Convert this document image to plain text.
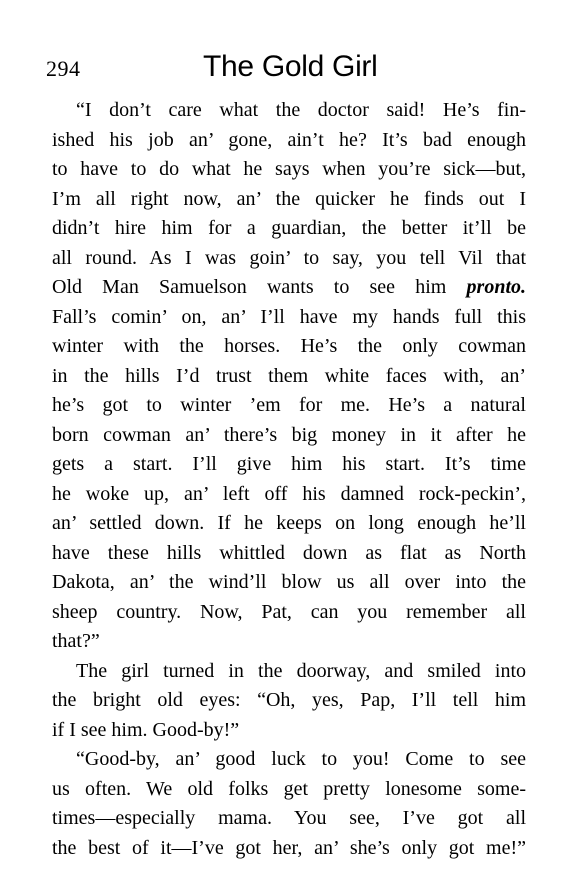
294	The Gold Girl
“I don’t care what the doctor said! He’s fin-
ished his job an’ gone, ain’t he? It’s bad enough
to have to do what he says when you’re sick—but,
I’m all right now, an’ the quicker he finds out I
didn’t hire him for a guardian, the better it’ll be
all round. As I was goin’ to say, you tell Vil that
Old Man Samuelson wants to see him pronto.
Fall’s comin’ on, an’ I’ll have my hands full this
winter with the horses. He’s the only cowman
in the hills I’d trust them white faces with, an’
he’s got to winter ’em for me. He’s a natural
born cowman an’ there’s big money in it after he
gets a start. I’ll give him his start. It’s time
he woke up, an’ left off his damned rock-peckin’,
an’ settled down. If he keeps on long enough he’ll
have these hills whittled down as flat as North
Dakota, an’ the wind’ll blow us all over into the
sheep country. Now, Pat, can you remember all
that?”
The girl turned in the doorway, and smiled into
the bright old eyes: “Oh, yes, Pap, I’ll tell him
if I see him. Good-by!”
“Good-by, an’ good luck to you! Come to see
us often. We old folks get pretty lonesome some-
times—especially mama. You see, I’ve got all
the best of it—I’ve got her, an’ she’s only got me!”
